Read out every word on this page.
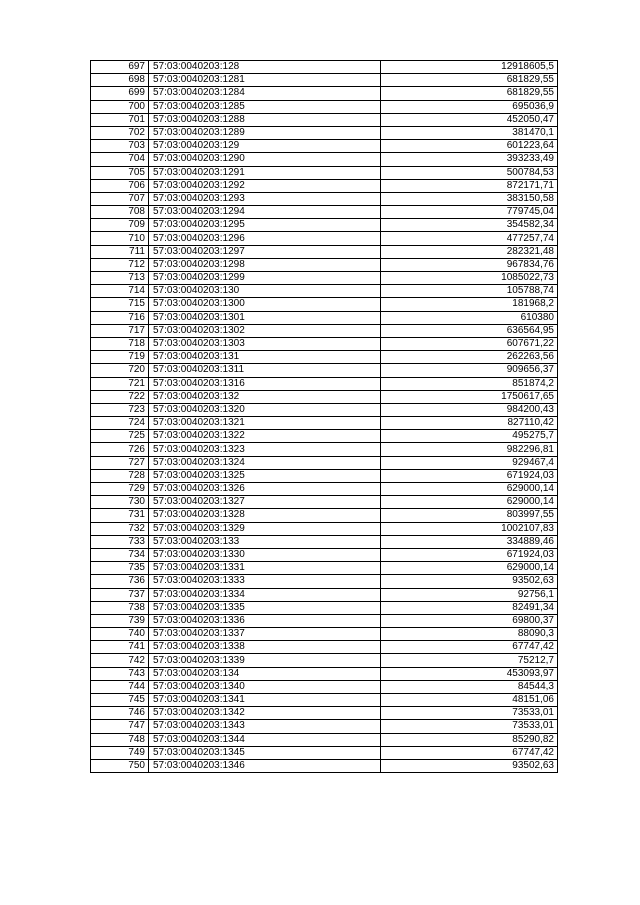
697	57:03:0040203:128	12918605,5
698	57:03:0040203:1281	681829,55
699	57:03:0040203:1284	681829,55
700	57:03:0040203:1285	695036,9
701	57:03:0040203:1288	452050,47
702	57:03:0040203:1289	381470,1
703	57:03:0040203:129	601223,64
704	57:03:0040203:1290	393233,49
705	57:03:0040203:1291	500784,53
706	57:03:0040203:1292	872171,71
707	57:03:0040203:1293	383150,58
708	57:03:0040203:1294	779745,04
709	57:03:0040203:1295	354582,34
710	57:03:0040203:1296	477257,74
711	57:03:0040203:1297	282321,48
712	57:03:0040203:1298	967834,76
713	57:03:0040203:1299	1085022,73
714	57:03:0040203:130	105788,74
715	57:03:0040203:1300	181968,2
716	57:03:0040203:1301	610380
717	57:03:0040203:1302	636564,95
718	57:03:0040203:1303	607671,22
719	57:03:0040203:131	262263,56
720	57:03:0040203:1311	909656,37
721	57:03:0040203:1316	851874,2
722	57:03:0040203:132	1750617,65
723	57:03:0040203:1320	984200,43
724	57:03:0040203:1321	827110,42
725	57:03:0040203:1322	495275,7
726	57:03:0040203:1323	982296,81
727	57:03:0040203:1324	929467,4
728	57:03:0040203:1325	671924,03
729	57:03:0040203:1326	629000,14
730	57:03:0040203:1327	629000,14
731	57:03:0040203:1328	803997,55
732	57:03:0040203:1329	1002107,83
733	57:03:0040203:133	334889,46
734	57:03:0040203:1330	671924,03
735	57:03:0040203:1331	629000,14
736	57:03:0040203:1333	93502,63
737	57:03:0040203:1334	92756,1
738	57:03:0040203:1335	82491,34
739	57:03:0040203:1336	69800,37
740	57:03:0040203:1337	88090,3
741	57:03:0040203:1338	67747,42
742	57:03:0040203:1339	75212,7
743	57:03:0040203:134	453093,97
744	57:03:0040203:1340	84544,3
745	57:03:0040203:1341	48151,06
746	57:03:0040203:1342	73533,01
747	57:03:0040203:1343	73533,01
748	57:03:0040203:1344	85290,82
749	57:03:0040203:1345	67747,42
750	57:03:0040203:1346	93502,63
